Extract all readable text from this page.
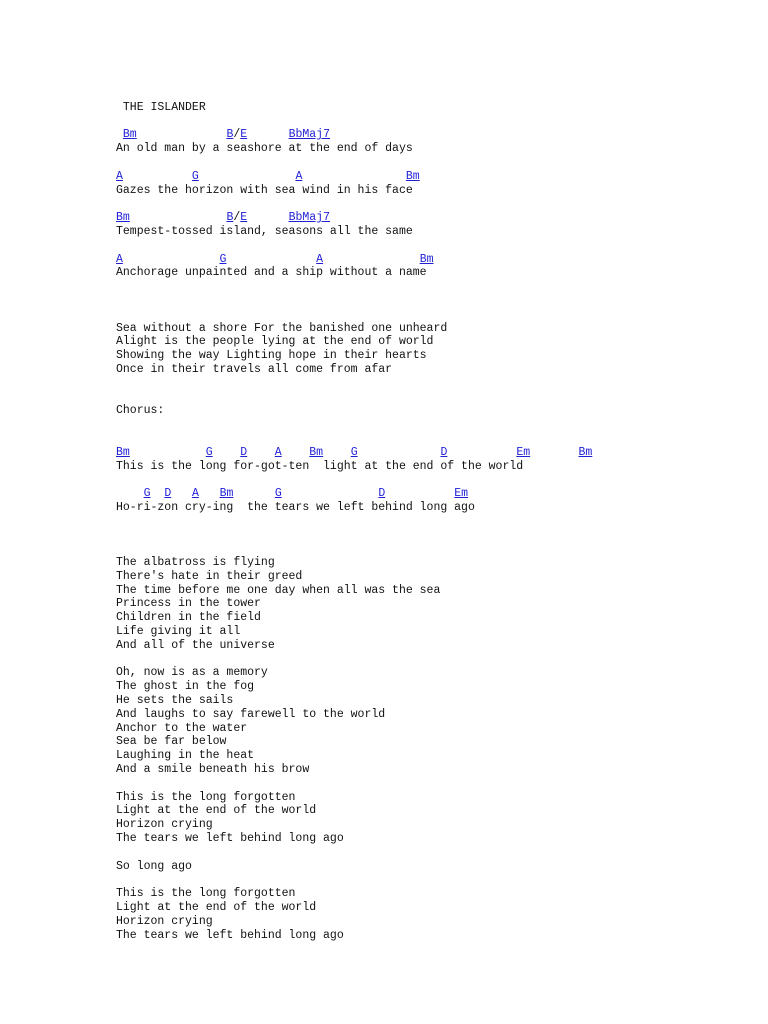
THE ISLANDER
Bm	B/E	BbMaj7
An old man by a seashore at the end of days
A	G	A	Bm
Gazes the horizon with sea wind in his face
Bm	B/E	BbMaj7
Tempest-tossed island, seasons all the same
A	G	A	Bm
Anchorage unpainted and a ship without a name
Sea without a shore For the banished one unheard
Alight is the people lying at the end of world
Showing the way Lighting hope in their hearts
Once in their travels all come from afar
Chorus:
Bm	G D A Bm G	D	Em	Bm
This is the long for-got-ten  light at the end of the world
G D A Bm	G	D	Em
Ho-ri-zon cry-ing  the tears we left behind long ago
The albatross is flying
There's hate in their greed
The time before me one day when all was the sea
Princess in the tower
Children in the field
Life giving it all
And all of the universe
Oh, now is as a memory
The ghost in the fog
He sets the sails
And laughs to say farewell to the world
Anchor to the water
Sea be far below
Laughing in the heat
And a smile beneath his brow
This is the long forgotten
Light at the end of the world
Horizon crying
The tears we left behind long ago
So long ago
This is the long forgotten
Light at the end of the world
Horizon crying
The tears we left behind long ago
